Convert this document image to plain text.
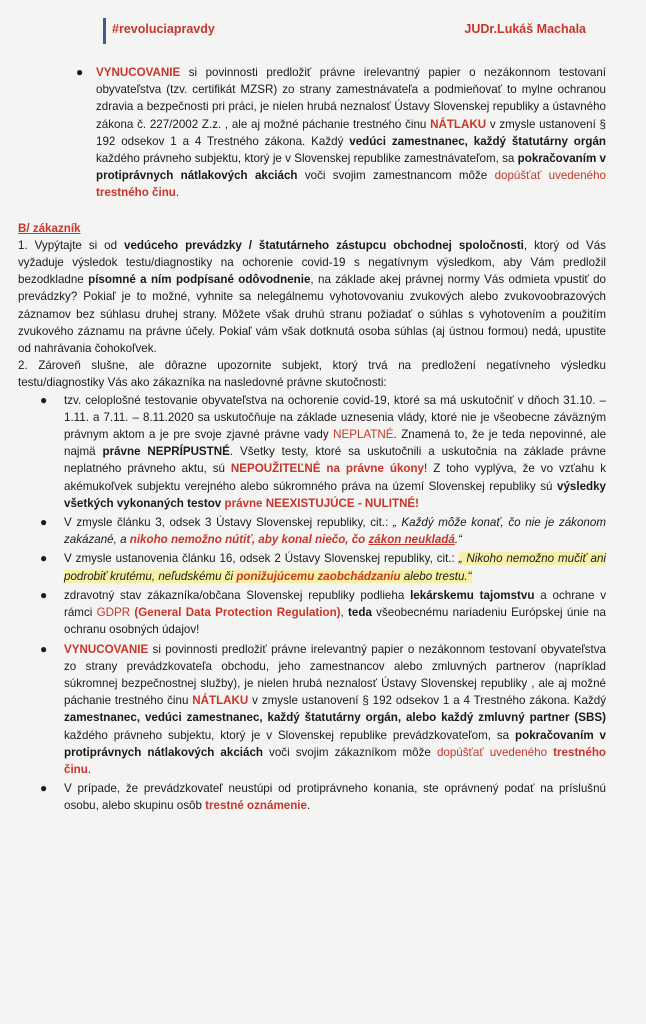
#revoluciapravdy	JUDr.Lukáš Machala
● VYNUCOVANIE si povinnosti predložiť právne irelevantný papier o nezákonnom testovaní obyvateľstva (tzv. certifikát MZSR) zo strany zamestnávateľa a podmieňovať to mylne ochranou zdravia a bezpečnosti pri práci, je nielen hrubá neznalosť Ústavy Slovenskej republiky a ústavného zákona č. 227/2002 Z.z. , ale aj možné páchanie trestného činu NÁTLAKU v zmysle ustanovení § 192 odsekov 1 a 4 Trestného zákona. Každý vedúci zamestnanec, každý štatutárny orgán každého právneho subjektu, ktorý je v Slovenskej republike zamestnávateľom, sa pokračovaním v protiprávnych nátlakových akciách voči svojim zamestnancom môže dopúšťať uvedeného trestného činu.
B/ zákazník
1. Vypýtajte si od vedúceho prevádzky / štatutárneho zástupcu obchodnej spoločnosti, ktorý od Vás vyžaduje výsledok testu/diagnostiky na ochorenie covid-19 s negatívnym výsledkom, aby Vám predložil bezodkladne písomné a ním podpísané odôvodnenie, na základe akej právnej normy Vás odmieta vpustiť do prevádzky? Pokiaľ je to možné, vyhnite sa nelegálnemu vyhotovovaniu zvukových alebo zvukovoobrazových záznamov bez súhlasu druhej strany. Môžete však druhú stranu požiadať o súhlas s vyhotovením a použitím zvukového záznamu na právne účely. Pokiaľ vám však dotknutá osoba súhlas (aj ústnou formou) nedá, upustite od nahrávania čohokoľvek.
2. Zároveň slušne, ale dôrazne upozornite subjekt, ktorý trvá na predložení negatívneho výsledku testu/diagnostiky Vás ako zákazníka na nasledovné právne skutočnosti:
● tzv. celoplošné testovanie obyvateľstva na ochorenie covid-19, ktoré sa má uskutočniť v dňoch 31.10. – 1.11. a 7.11. – 8.11.2020 sa uskutočňuje na základe uznesenia vlády, ktoré nie je všeobecne záväzným právnym aktom a je pre svoje zjavné právne vady NEPLATNÉ. Znamená to, že je teda nepovinné, ale najmä právne NEPRÍPUSTNÉ. Všetky testy, ktoré sa uskutočnili a uskutočnia na základe právne neplatného právneho aktu, sú NEPOUŽITEĽNÉ na právne úkony! Z toho vyplýva, že vo vzťahu k akémukoľvek subjektu verejného alebo súkromného práva na území Slovenskej republiky sú výsledky všetkých vykonaných testov právne NEEXISTUJÚCE - NULITNÉ!
● V zmysle článku 3, odsek 3 Ústavy Slovenskej republiky, cit.: „ Každý môže konať, čo nie je zákonom zakázané, a nikoho nemožno nútiť, aby konal niečo, čo zákon neukladá.“
● V zmysle ustanovenia článku 16, odsek 2 Ústavy Slovenskej republiky, cit.: „ Nikoho nemožno mučiť ani podrobiť krutému, neľudskému či ponižujúcemu zaobchádzaniu alebo trestu.“
● zdravotný stav zákazníka/občana Slovenskej republiky podlieha lekárskemu tajomstvu a ochrane v rámci GDPR (General Data Protection Regulation), teda všeobecnému nariadeniu Európskej únie na ochranu osobných údajov!
● VYNUCOVANIE si povinnosti predložiť právne irelevantný papier o nezákonnom testovaní obyvateľstva zo strany prevádzkovateľa obchodu, jeho zamestnancov alebo zmluvných partnerov (napríklad súkromnej bezpečnostnej služby), je nielen hrubá neznalosť Ústavy Slovenskej republiky , ale aj možné páchanie trestného činu NÁTLAKU v zmysle ustanovení § 192 odsekov 1 a 4 Trestného zákona. Každý zamestnanec, vedúci zamestnanec, každý štatutárny orgán, alebo každý zmluvný partner (SBS) každého právneho subjektu, ktorý je v Slovenskej republike prevádzkovateľom, sa pokračovaním v protiprávnych nátlakových akciách voči svojim zákazníkom môže dopúšťať uvedeného trestného činu.
● V prípade, že prevádzkovateľ neustúpi od protiprávneho konania, ste oprávnený podať na príslušnú osobu, alebo skupinu osôb trestné oznámenie.
